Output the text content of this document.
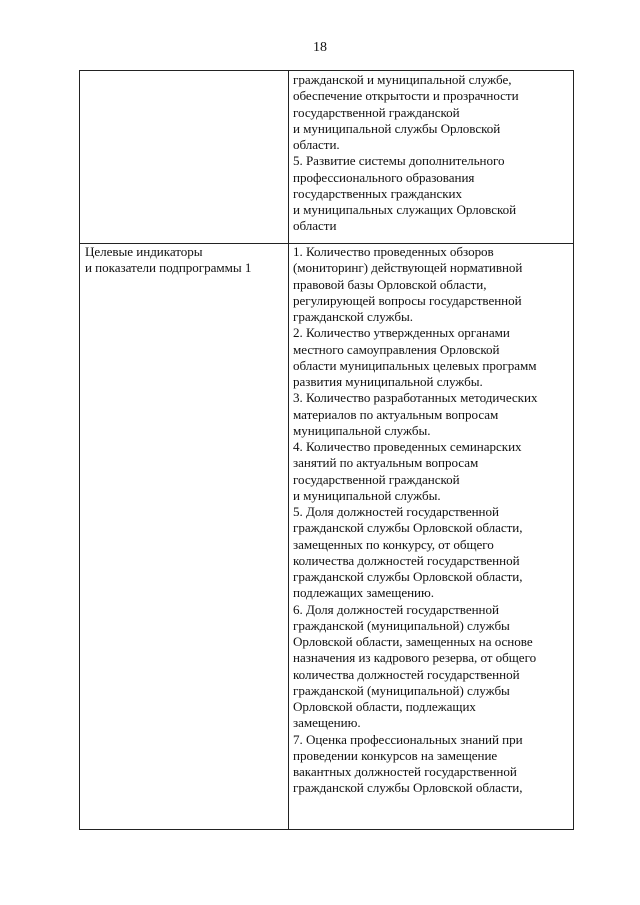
18
гражданской и муниципальной службе,
обеспечение открытости и прозрачности
государственной гражданской
и муниципальной службы Орловской
области.
5. Развитие системы дополнительного
профессионального образования
государственных гражданских
и муниципальных служащих Орловской
области
Целевые индикаторы
и показатели подпрограммы 1
1. Количество проведенных обзоров
(мониторинг) действующей нормативной
правовой базы Орловской области,
регулирующей вопросы государственной
гражданской службы.
2. Количество утвержденных органами
местного самоуправления Орловской
области муниципальных целевых программ
развития муниципальной службы.
3. Количество разработанных методических
материалов по актуальным вопросам
муниципальной службы.
4. Количество проведенных семинарских
занятий по актуальным вопросам
государственной гражданской
и муниципальной службы.
5. Доля должностей государственной
гражданской службы Орловской области,
замещенных по конкурсу, от общего
количества должностей государственной
гражданской службы Орловской области,
подлежащих замещению.
6. Доля должностей государственной
гражданской (муниципальной) службы
Орловской области, замещенных на основе
назначения из кадрового резерва, от общего
количества должностей государственной
гражданской (муниципальной) службы
Орловской области, подлежащих
замещению.
7. Оценка профессиональных знаний при
проведении конкурсов на замещение
вакантных должностей государственной
гражданской службы Орловской области,
